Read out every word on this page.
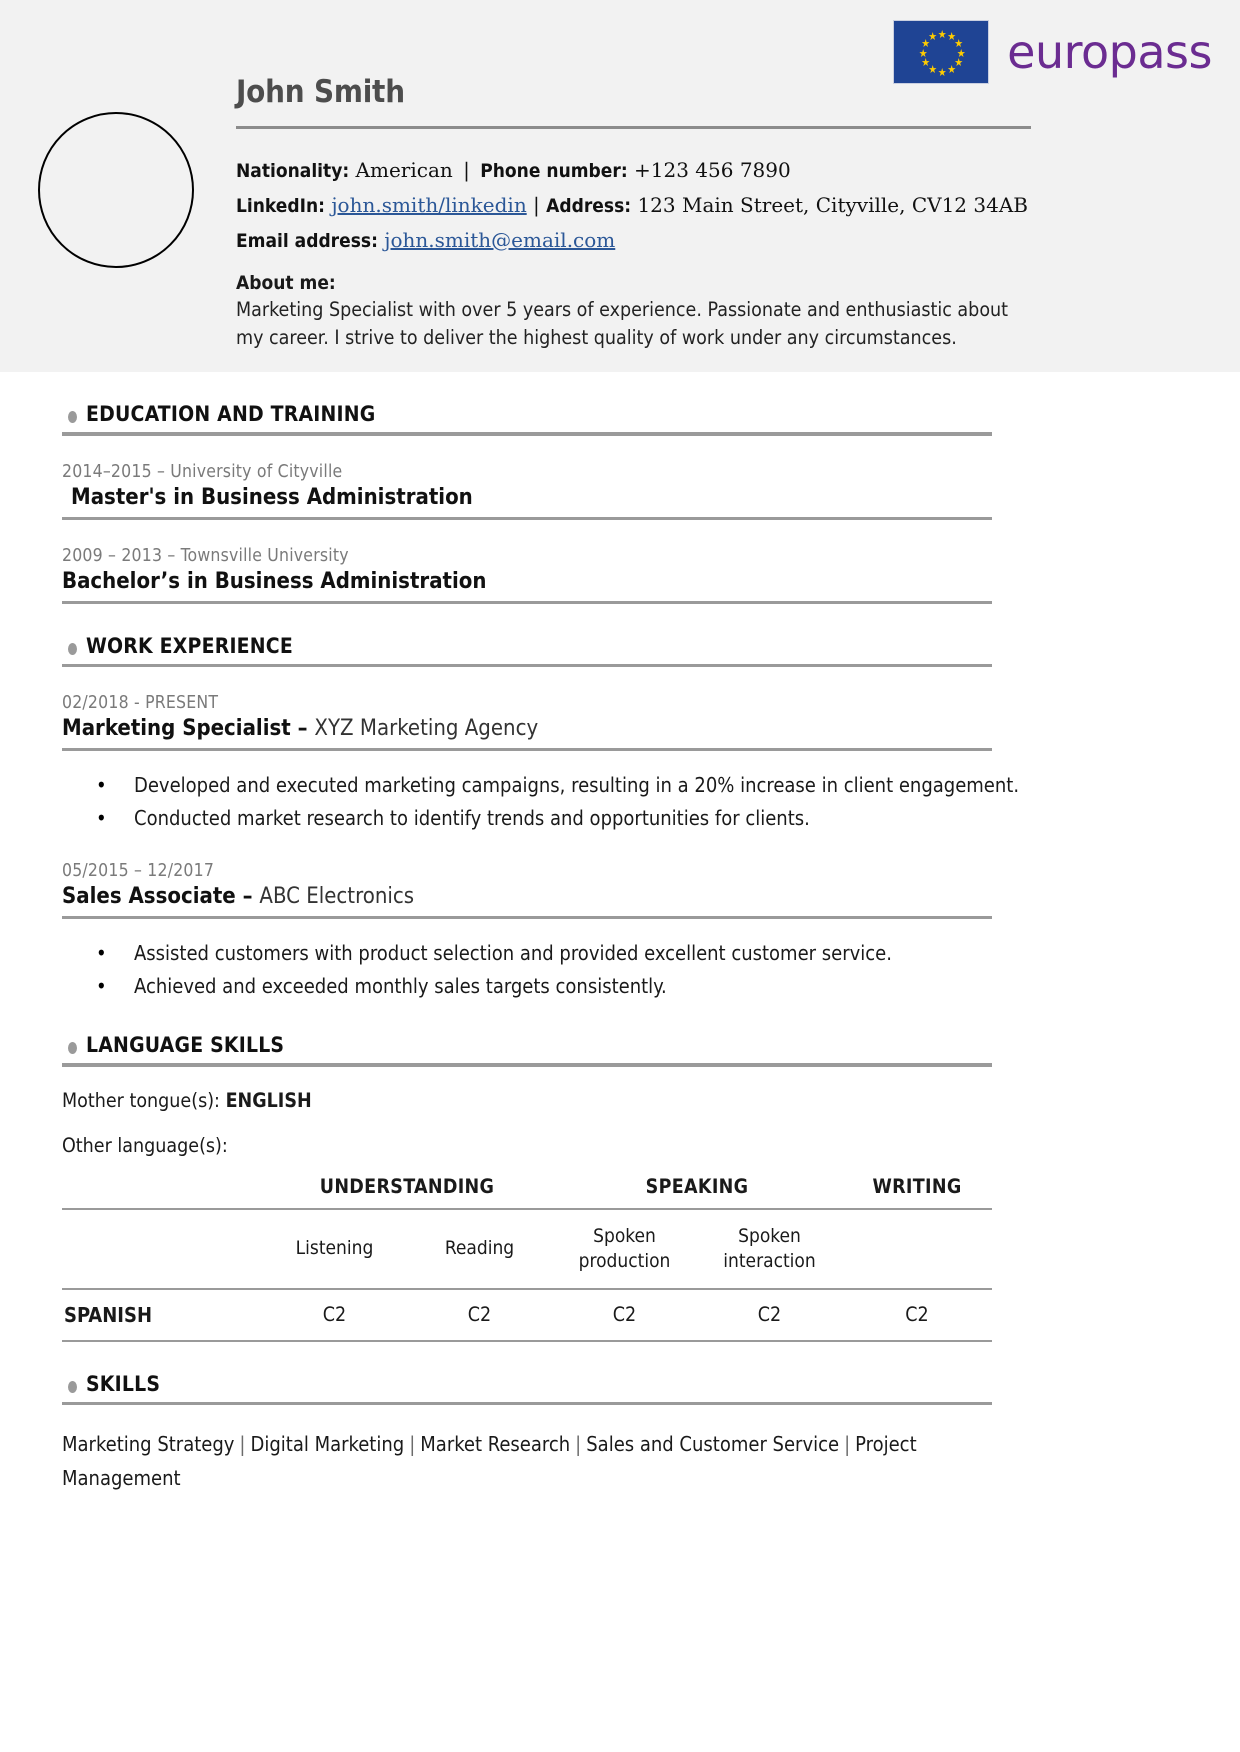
★ ★
★
★
★
★
★
★
★
★
★
★ europass
John Smith
Nationality: American | Phone number: +123 456 7890
LinkedIn: john.smith/linkedin | Address: 123 Main Street, Cityville, CV12 34AB
Email address: john.smith@email.com
About me:
Marketing Specialist with over 5 years of experience. Passionate and enthusiastic about my career. I strive to deliver the highest quality of work under any circumstances.
EDUCATION AND TRAINING
2014–2015 – University of Cityville
Master's in Business Administration
2009 – 2013 – Townsville University
Bachelor’s in Business Administration
WORK EXPERIENCE
02/2018 - PRESENT
Marketing Specialist – XYZ Marketing Agency
• Developed and executed marketing campaigns, resulting in a 20% increase in client engagement.
• Conducted market research to identify trends and opportunities for clients.
05/2015 – 12/2017
Sales Associate – ABC Electronics
• Assisted customers with product selection and provided excellent customer service.
• Achieved and exceeded monthly sales targets consistently.
LANGUAGE SKILLS
Mother tongue(s): ENGLISH
Other language(s):
	UNDERSTANDING		SPEAKING		WRITING
	Listening	Reading	Spoken production	Spoken interaction	
SPANISH	C2	C2	C2	C2	C2
SKILLS
Marketing Strategy | Digital Marketing | Market Research | Sales and Customer Service | Project Management
